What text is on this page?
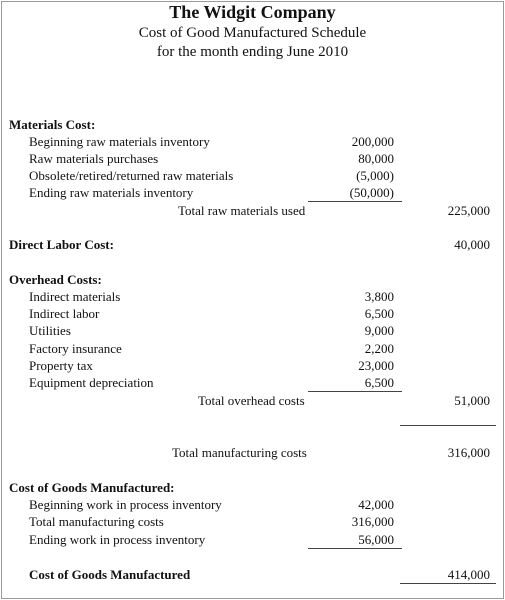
The Widgit Company
Cost of Good Manufactured Schedule
for the month ending June 2010
Materials Cost:
Beginning raw materials inventory	200,000
Raw materials purchases	80,000
Obsolete/retired/returned raw materials	(5,000)
Ending raw materials inventory	(50,000)
Total raw materials used	225,000
Direct Labor Cost:	40,000
Overhead Costs:
Indirect materials	3,800
Indirect labor	6,500
Utilities	9,000
Factory insurance	2,200
Property tax	23,000
Equipment depreciation	6,500
Total overhead costs	51,000
Total manufacturing costs	316,000
Cost of Goods Manufactured:
Beginning work in process inventory	42,000
Total manufacturing costs	316,000
Ending work in process inventory	56,000
Cost of Goods Manufactured	414,000
